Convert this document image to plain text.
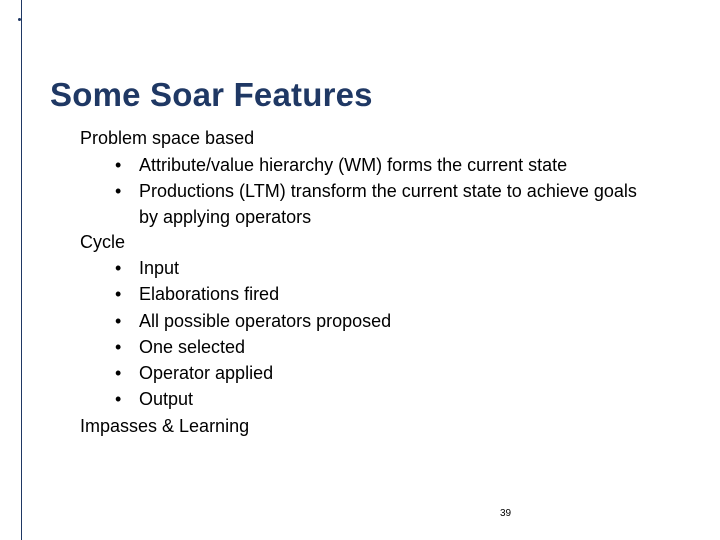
Some Soar Features
Problem space based
• Attribute/value hierarchy (WM) forms the current state
• Productions (LTM) transform the current state to achieve goals by applying operators
Cycle
• Input
• Elaborations fired
• All possible operators proposed
• One selected
• Operator applied
• Output
Impasses & Learning
39
